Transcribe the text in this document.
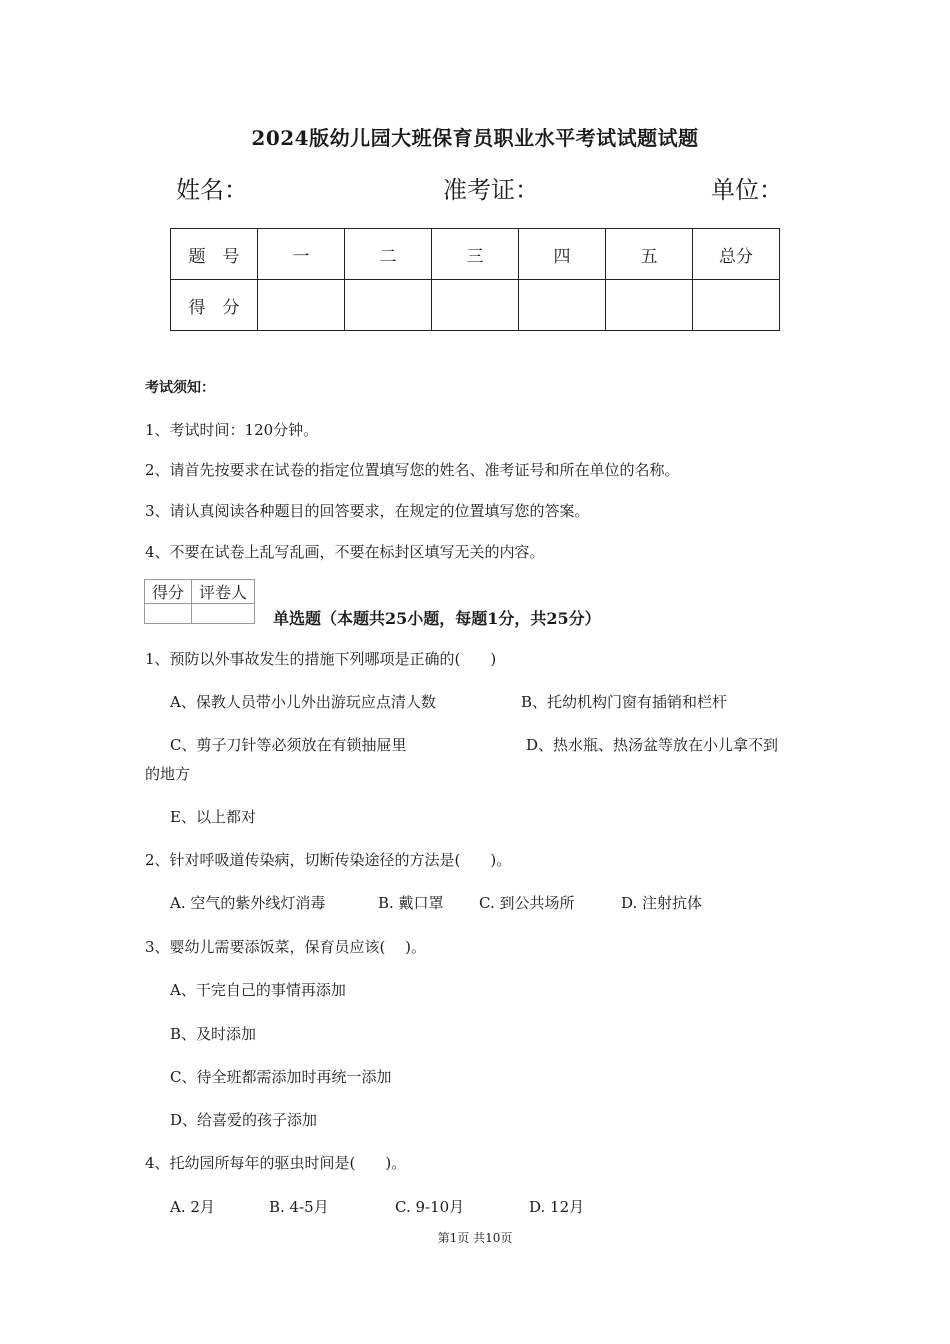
2024版幼儿园大班保育员职业水平考试试题试题
姓名：	准考证：	单位：
题　号	一	二	三	四	五	总分
得　分						
考试须知：
1、考试时间：120分钟。
2、请首先按要求在试卷的指定位置填写您的姓名、准考证号和所在单位的名称。
3、请认真阅读各种题目的回答要求，在规定的位置填写您的答案。
4、不要在试卷上乱写乱画，不要在标封区填写无关的内容。
得分	评卷人

单选题（本题共25小题，每题1分，共25分）
1、预防以外事故发生的措施下列哪项是正确的(　　)
A、保教人员带小儿外出游玩应点清人数	B、托幼机构门窗有插销和栏杆
C、剪子刀针等必须放在有锁抽屉里	D、热水瓶、热汤盆等放在小儿拿不到
的地方
E、以上都对
2、针对呼吸道传染病，切断传染途径的方法是(　　)。
A. 空气的紫外线灯消毒	B. 戴口罩 C. 到公共场所	D. 注射抗体
3、婴幼儿需要添饭菜，保育员应该(　 )。
A、干完自己的事情再添加
B、及时添加
C、待全班都需添加时再统一添加
D、给喜爱的孩子添加
4、托幼园所每年的驱虫时间是(　　)。
A. 2月	B. 4-5月	C. 9-10月	D. 12月
第1页 共10页
